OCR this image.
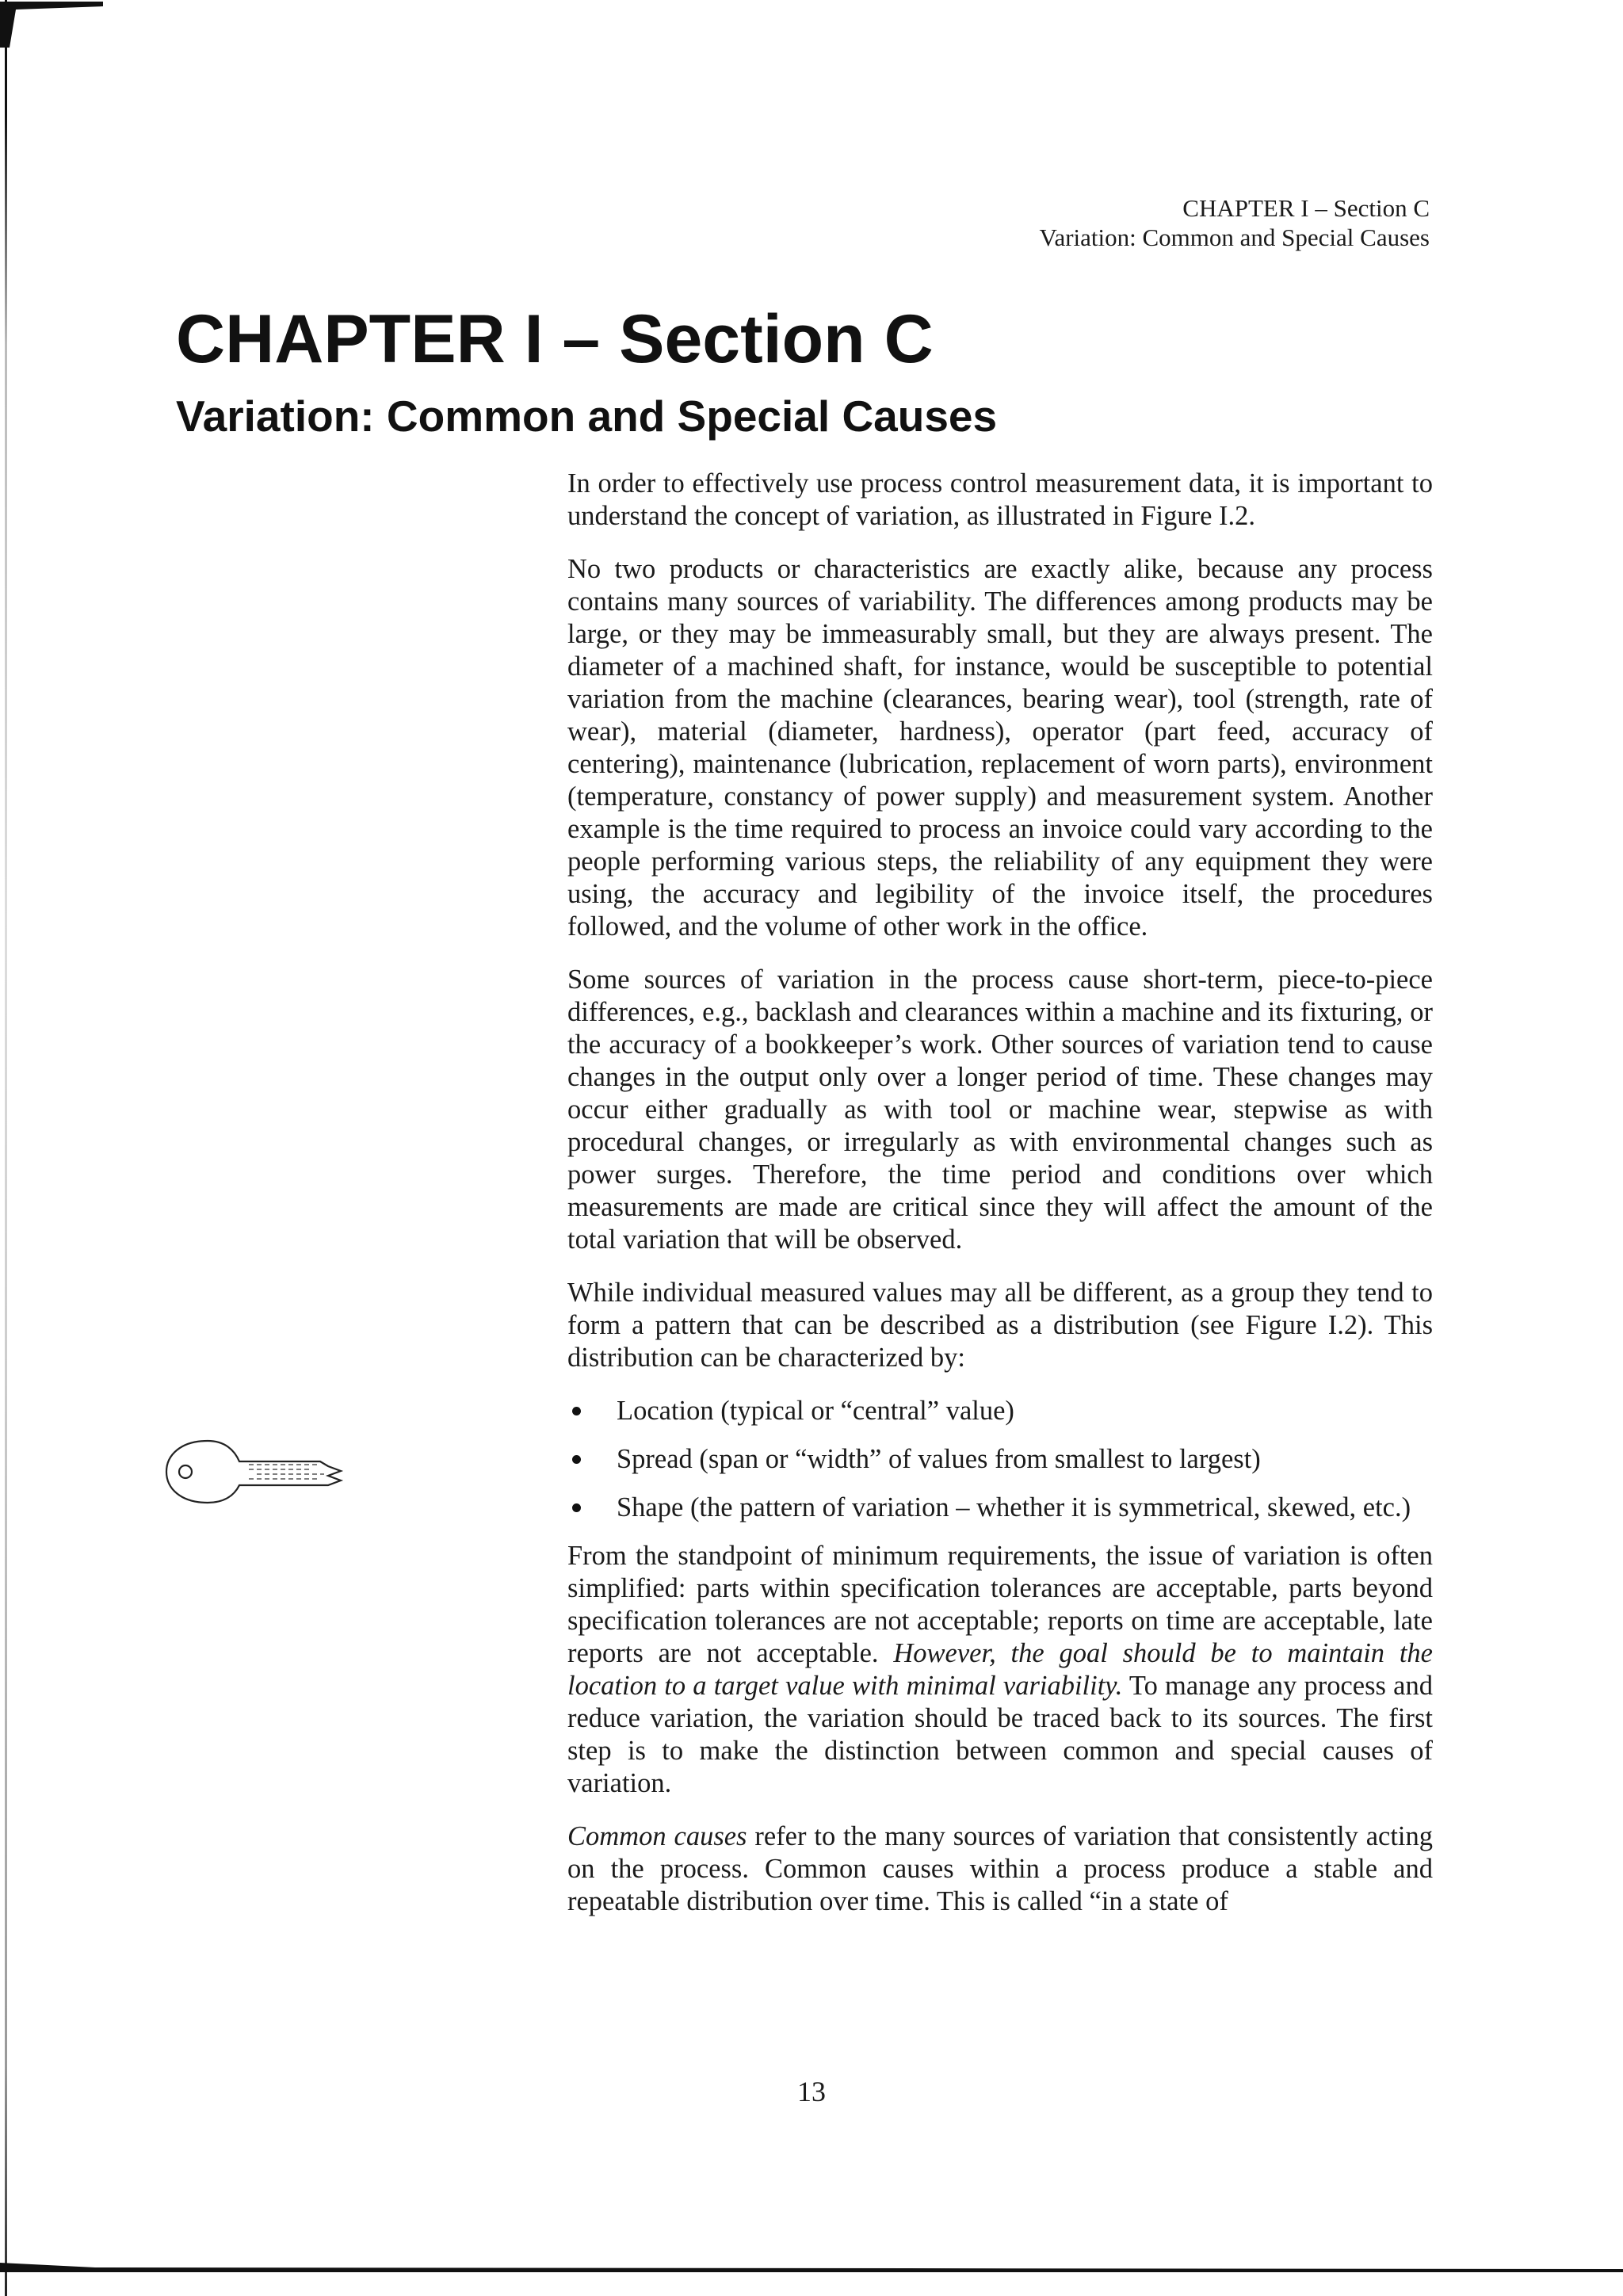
CHAPTER I – Section C
Variation: Common and Special Causes
CHAPTER I – Section C
Variation: Common and Special Causes

In order to effectively use process control measurement data, it is important to understand the concept of variation, as illustrated in Figure I.2.

No two products or characteristics are exactly alike, because any process contains many sources of variability. The differences among products may be large, or they may be immeasurably small, but they are always present. The diameter of a machined shaft, for instance, would be susceptible to potential variation from the machine (clearances, bearing wear), tool (strength, rate of wear), material (diameter, hardness), operator (part feed, accuracy of centering), maintenance (lubrication, replacement of worn parts), environment (temperature, constancy of power supply) and measurement system. Another example is the time required to process an invoice could vary according to the people performing various steps, the reliability of any equipment they were using, the accuracy and legibility of the invoice itself, the procedures followed, and the volume of other work in the office.

Some sources of variation in the process cause short-term, piece-to-piece differences, e.g., backlash and clearances within a machine and its fixturing, or the accuracy of a bookkeeper’s work. Other sources of variation tend to cause changes in the output only over a longer period of time. These changes may occur either gradually as with tool or machine wear, stepwise as with procedural changes, or irregularly as with environmental changes such as power surges. Therefore, the time period and conditions over which measurements are made are critical since they will affect the amount of the total variation that will be observed.

While individual measured values may all be different, as a group they tend to form a pattern that can be described as a distribution (see Figure I.2). This distribution can be characterized by:

Location (typical or “central” value)
Spread (span or “width” of values from smallest to largest)
Shape (the pattern of variation – whether it is symmetrical, skewed, etc.)

From the standpoint of minimum requirements, the issue of variation is often simplified: parts within specification tolerances are acceptable, parts beyond specification tolerances are not acceptable; reports on time are acceptable, late reports are not acceptable. However, the goal should be to maintain the location to a target value with minimal variability. To manage any process and reduce variation, the variation should be traced back to its sources. The first step is to make the distinction between common and special causes of variation.

Common causes refer to the many sources of variation that consistently acting on the process. Common causes within a process produce a stable and repeatable distribution over time. This is called “in a state of

13
